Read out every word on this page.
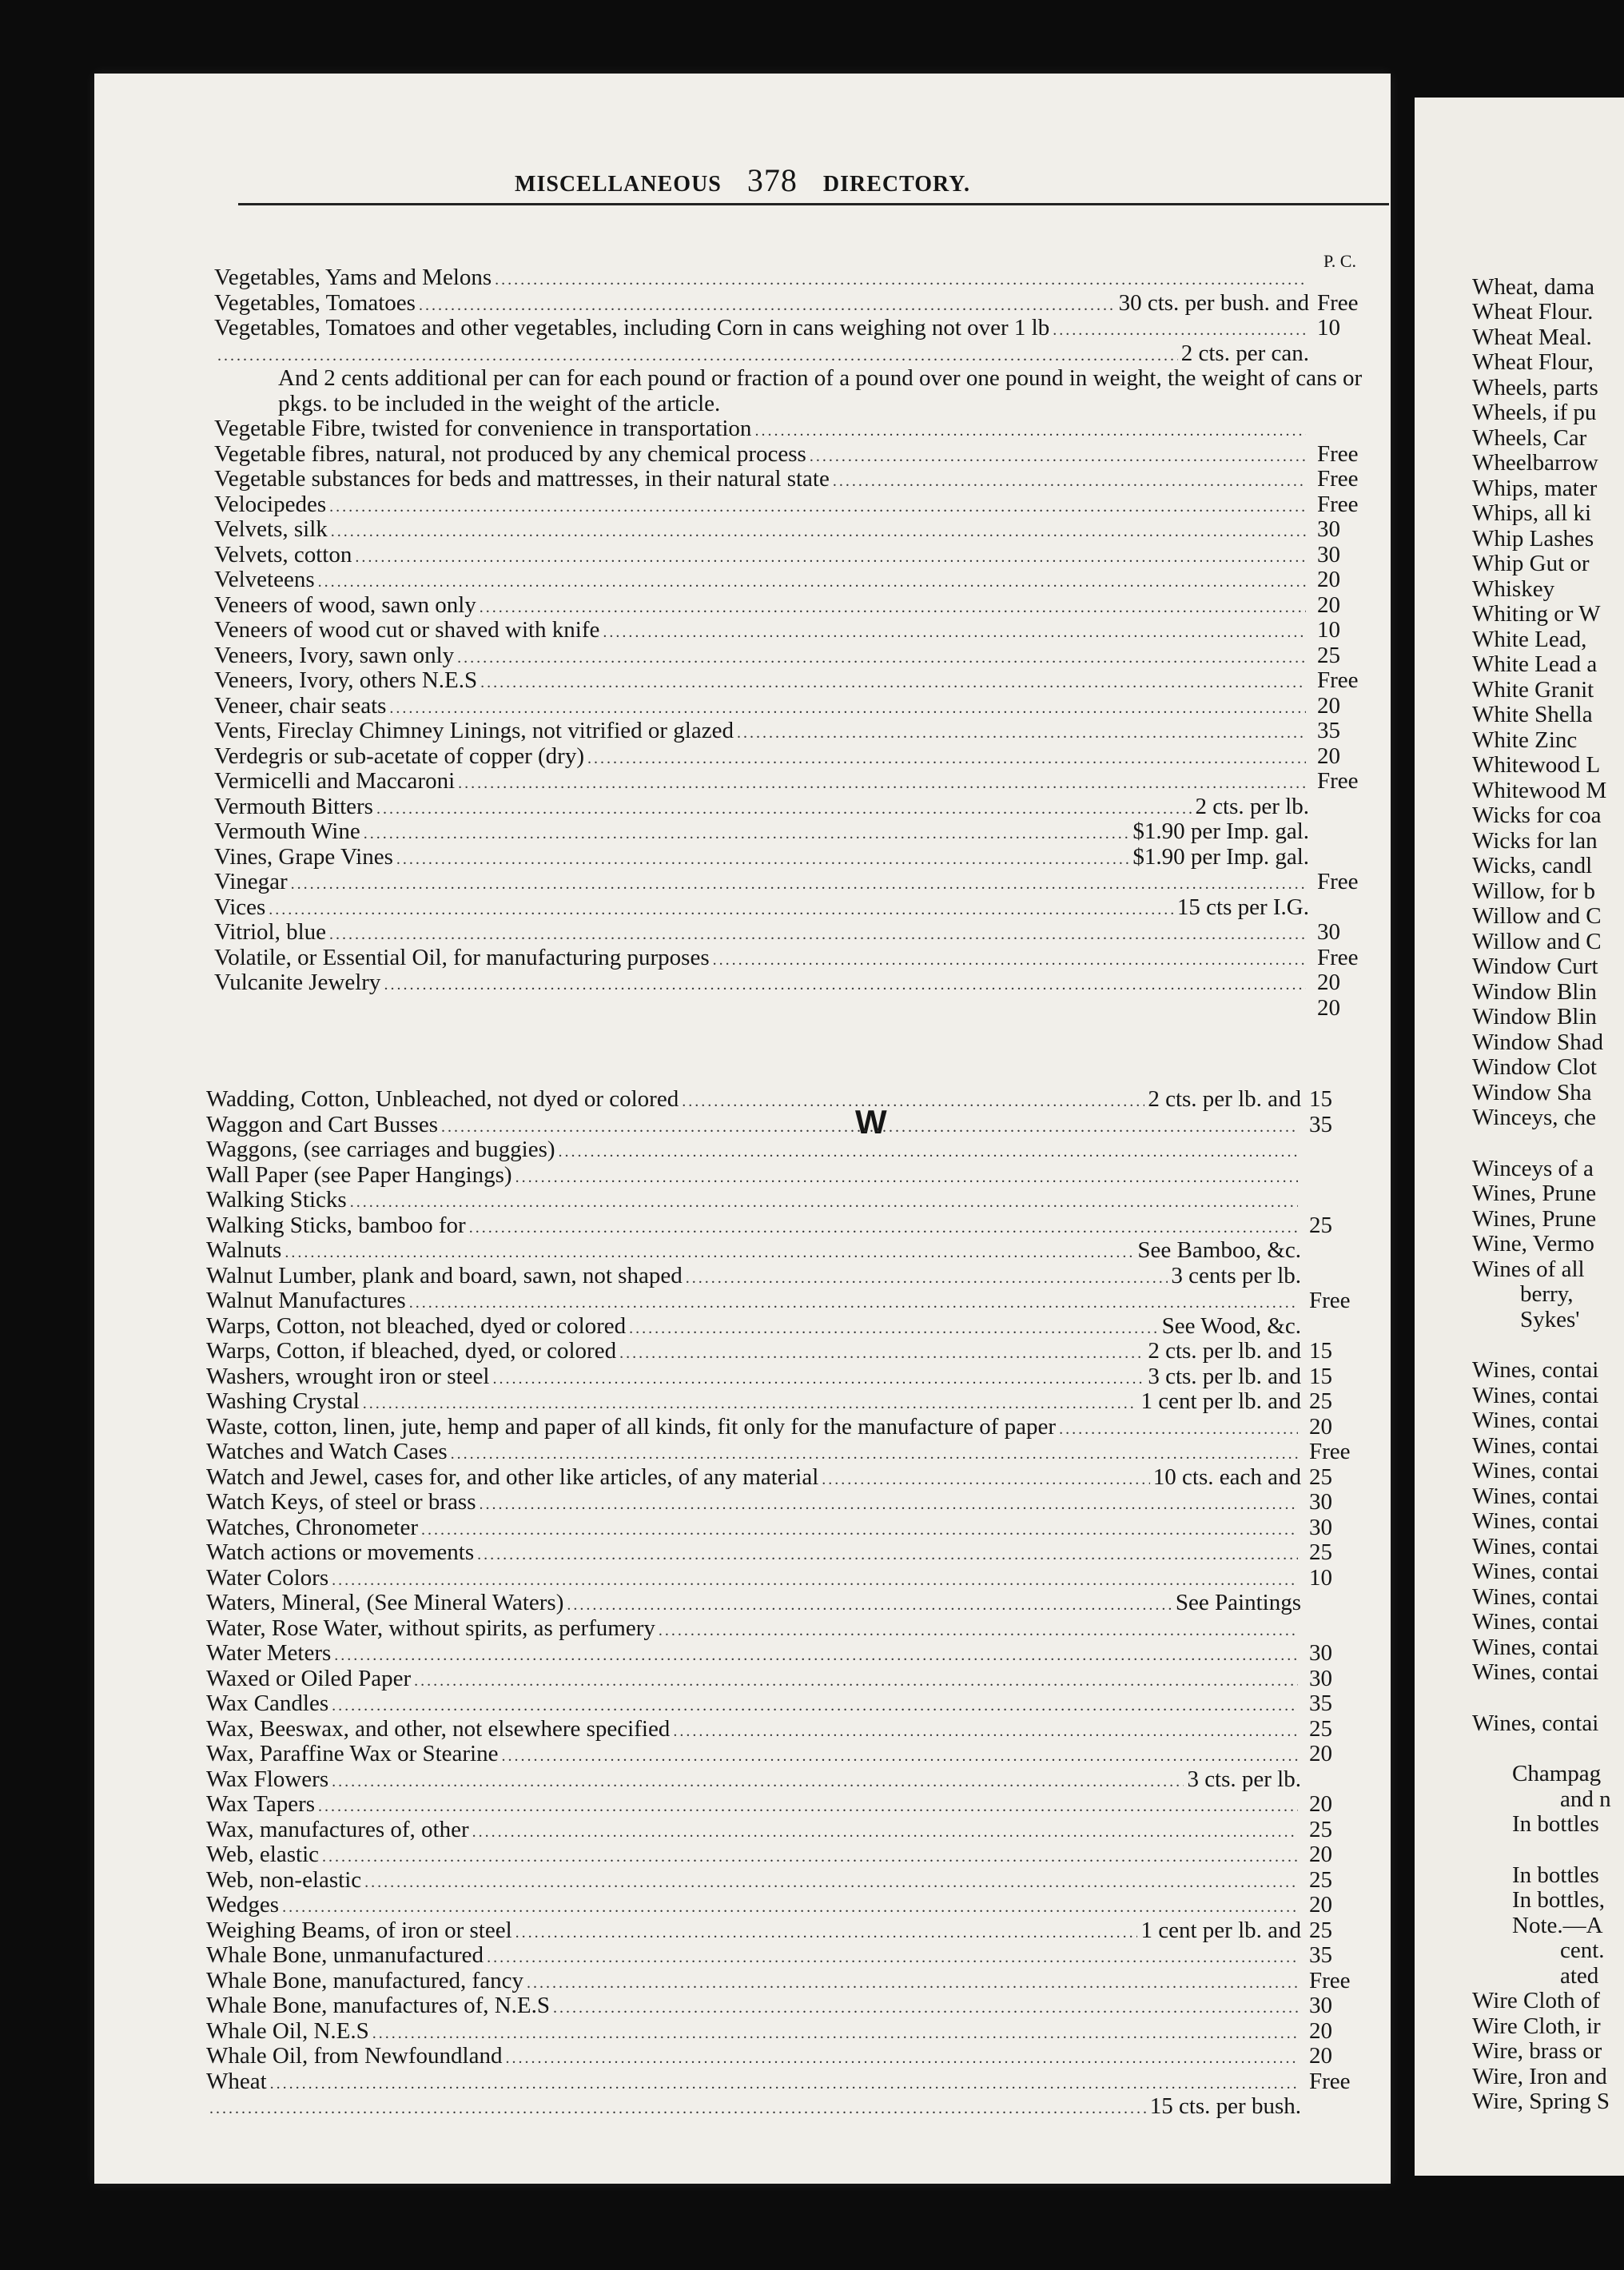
MISCELLANEOUS 378 DIRECTORY.
P. C.
Vegetables, Yams and Melons
.....
Vegetables, Tomatoes .....	30 cts. per bush. and Free
Vegetables, Tomatoes and other vegetables, including Corn in cans weighing not over 1 lb .....	10
.....
2 cts. per can.
And 2 cents additional per can for each pound or fraction of a pound over one pound in weight, the weight of cans or pkgs. to be included in the weight of the article.
Vegetable Fibre, twisted for convenience in transportation
.....
Vegetable fibres, natural, not produced by any chemical process .....	Free
Vegetable substances for beds and mattresses, in their natural state .....	Free
Velocipedes .....	Free
Velvets, silk .....	30
Velvets, cotton .....	30
Velveteens .....	20
Veneers of wood, sawn only .....	20
Veneers of wood cut or shaved with knife .....	10
Veneers, Ivory, sawn only .....	25
Veneers, Ivory, others N.E.S .....	Free
Veneer, chair seats .....	20
Vents, Fireclay Chimney Linings, not vitrified or glazed .....	35
Verdegris or sub-acetate of copper (dry) .....	20
Vermicelli and Maccaroni .....	Free
Vermouth Bitters .....	2 cts. per lb.
Vermouth Wine .....	$1.90 per Imp. gal.
Vines, Grape Vines .....	$1.90 per Imp. gal.
Vinegar .....	Free
Vices .....	15 cts per I.G.
Vitriol, blue .....	30
Volatile, or Essential Oil, for manufacturing purposes .....	Free
Vulcanite Jewelry .....	20
20
W
Wadding, Cotton, Unbleached, not dyed or colored .....	2 cts. per lb. and 15
Waggon and Cart Busses .....	35
Waggons, (see carriages and buggies)
.....
Wall Paper (see Paper Hangings)
.....
Walking Sticks
.....
Walking Sticks, bamboo for .....	25
Walnuts .....	See Bamboo, &c.
Walnut Lumber, plank and board, sawn, not shaped .....	3 cents per lb.
Walnut Manufactures .....	Free
Warps, Cotton, not bleached, dyed or colored .....	See Wood, &c.
Warps, Cotton, if bleached, dyed, or colored .....	2 cts. per lb. and 15
Washers, wrought iron or steel .....	3 cts. per lb. and 15
Washing Crystal .....	1 cent per lb. and 25
Waste, cotton, linen, jute, hemp and paper of all kinds, fit only for the manufacture of paper .....	20
Watches and Watch Cases .....	Free
Watch and Jewel, cases for, and other like articles, of any material .....	10 cts. each and 25
Watch Keys, of steel or brass .....	30
Watches, Chronometer .....	30
Watch actions or movements .....	25
Water Colors .....	10
Waters, Mineral, (See Mineral Waters) .....	See Paintings
Water, Rose Water, without spirits, as perfumery
.....
Water Meters .....	30
Waxed or Oiled Paper .....	30
Wax Candles .....	35
Wax, Beeswax, and other, not elsewhere specified .....	25
Wax, Paraffine Wax or Stearine .....	20
Wax Flowers .....	3 cts. per lb.
Wax Tapers .....	20
Wax, manufactures of, other .....	25
Web, elastic .....	20
Web, non-elastic .....	25
Wedges .....	20
Weighing Beams, of iron or steel .....	1 cent per lb. and 25
Whale Bone, unmanufactured .....	35
Whale Bone, manufactured, fancy .....	Free
Whale Bone, manufactures of, N.E.S .....	30
Whale Oil, N.E.S .....	20
Whale Oil, from Newfoundland .....	20
Wheat .....	Free
.....
15 cts. per bush.
Wheat, dama
Wheat Flour.
Wheat Meal.
Wheat Flour,
Wheels, parts
Wheels, if pu
Wheels, Car
Wheelbarrow
Whips, mater
Whips, all ki
Whip Lashes
Whip Gut or
Whiskey
Whiting or W
White Lead,
White Lead a
White Granit
White Shella
White Zinc
Whitewood L
Whitewood M
Wicks for coa
Wicks for lan
Wicks, candl
Willow, for b
Willow and C
Willow and C
Window Curt
Window Blin
Window Blin
Window Shad
Window Clot
Window Sha
Winceys, che
Winceys of a
Wines, Prune
Wines, Prune
Wine, Vermo
Wines of all
berry,
Sykes'
Wines, contai
Wines, contai
Wines, contai
Wines, contai
Wines, contai
Wines, contai
Wines, contai
Wines, contai
Wines, contai
Wines, contai
Wines, contai
Wines, contai
Wines, contai
Wines, contai
Champag
and n
In bottles
In bottles
In bottles,
Note.—A
cent.
ated
Wire Cloth of
Wire Cloth, ir
Wire, brass or
Wire, Iron and
Wire, Spring S
